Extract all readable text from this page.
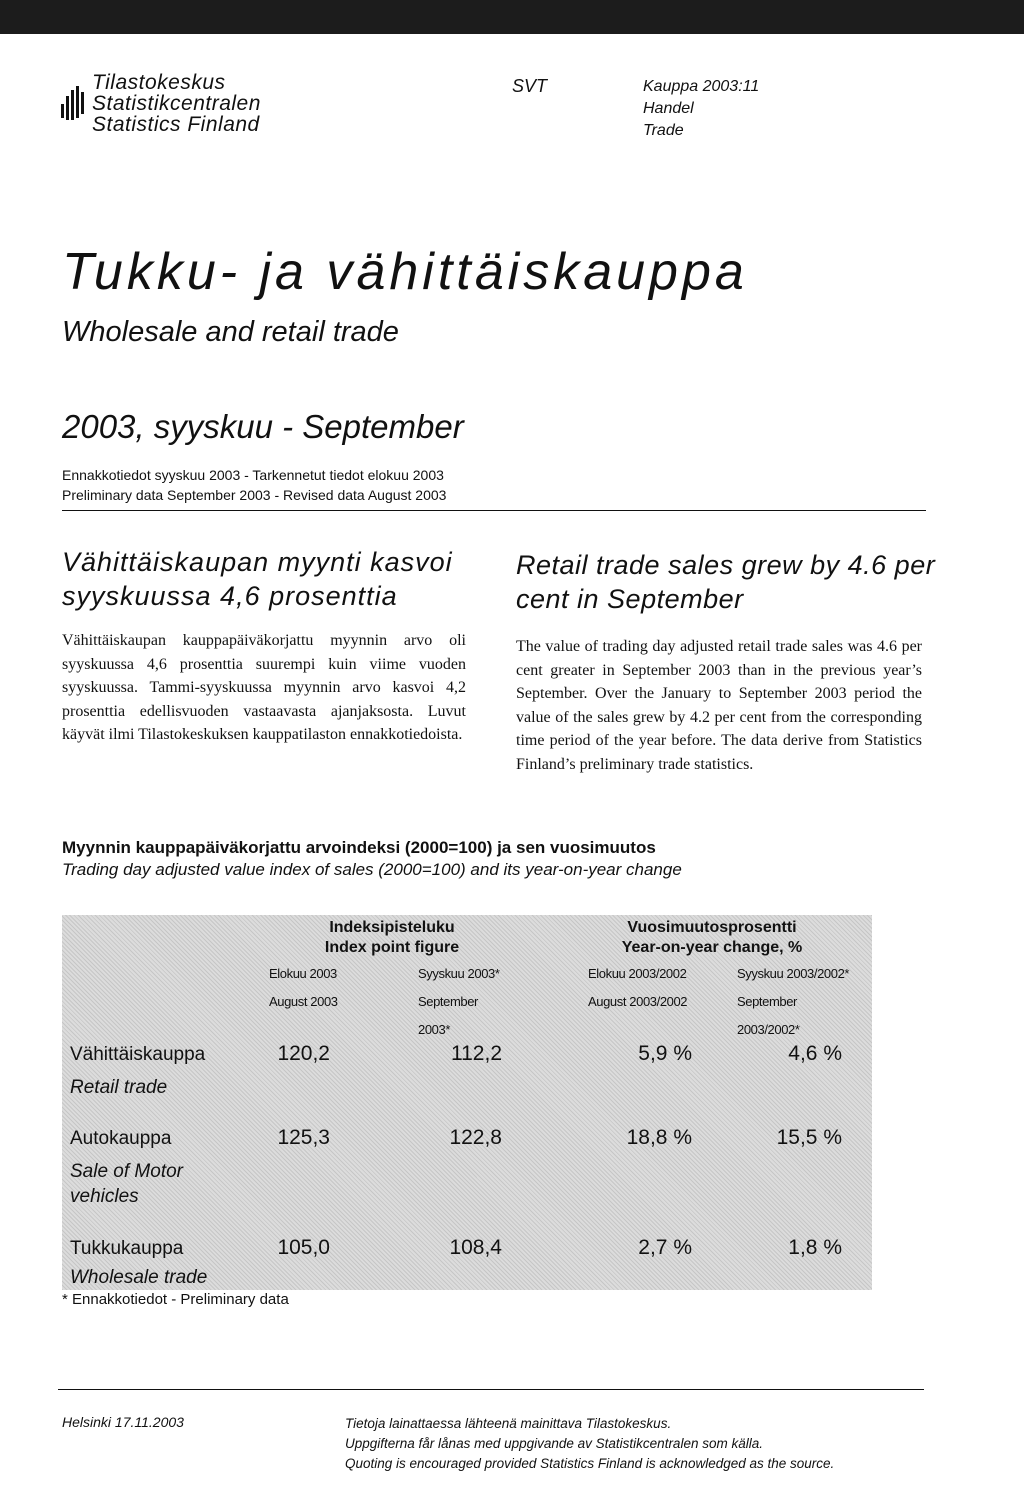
Tilastokeskus
Statistikcentralen
Statistics Finland
SVT	Kauppa 2003:11
Handel
Trade
Tukku- ja vähittäiskauppa
Wholesale and retail trade
2003, syyskuu - September
Ennakkotiedot syyskuu 2003 - Tarkennetut tiedot elokuu 2003
Preliminary data September 2003 - Revised data August 2003
Vähittäiskaupan myynti kasvoi syyskuussa 4,6 prosenttia
Retail trade sales grew by 4.6 per cent in September
Vähittäiskaupan kauppapäiväkorjattu myynnin arvo oli syyskuussa 4,6 prosenttia suurempi kuin viime vuoden syyskuussa. Tammi-syyskuussa myynnin arvo kasvoi 4,2 prosenttia edellisvuoden vastaavasta ajanjaksosta. Luvut käyvät ilmi Tilastokeskuksen kauppatilaston ennakkotiedoista.
The value of trading day adjusted retail trade sales was 4.6 per cent greater in September 2003 than in the previous year’s September. Over the January to September 2003 period the value of the sales grew by 4.2 per cent from the corresponding time period of the year before. The data derive from Statistics Finland’s preliminary trade statistics.
Myynnin kauppapäiväkorjattu arvoindeksi (2000=100) ja sen vuosimuutos
Trading day adjusted value index of sales (2000=100) and its year-on-year change
Indeksipisteluku
Index point figure
Vuosimuutosprosentti
Year-on-year change, %
Elokuu 2003
August 2003
Syyskuu 2003*
September
2003*
Elokuu 2003/2002
August 2003/2002
Syyskuu 2003/2002*
September
2003/2002*
Vähittäiskauppa
Retail trade
120,2	112,2	5,9 %	4,6 %
Autokauppa
Sale of Motor vehicles
125,3	122,8	18,8 %	15,5 %
Tukkukauppa
Wholesale trade
105,0	108,4	2,7 %	1,8 %
* Ennakkotiedot - Preliminary data
Helsinki 17.11.2003	Tietoja lainattaessa lähteenä mainittava Tilastokeskus.
Uppgifterna får lånas med uppgivande av Statistikcentralen som källa.
Quoting is encouraged provided Statistics Finland is acknowledged as the source.
